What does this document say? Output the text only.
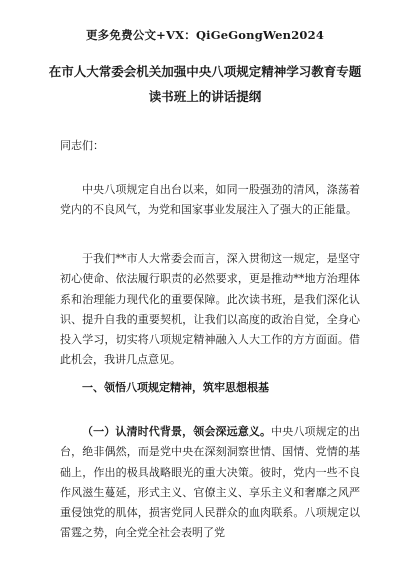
更多免费公文+VX：QiGeGongWen2024
在市人大常委会机关加强中央八项规定精神学习教育专题
读书班上的讲话提纲
同志们：
中央八项规定自出台以来，如同一股强劲的清风，涤荡着党内的不良风气，为党和国家事业发展注入了强大的正能量。
于我们**市人大常委会而言，深入贯彻这一规定，是坚守初心使命、依法履行职责的必然要求，更是推动**地方治理体系和治理能力现代化的重要保障。此次读书班，是我们深化认识、提升自我的重要契机，让我们以高度的政治自觉，全身心投入学习，切实将八项规定精神融入人大工作的方方面面。借此机会，我讲几点意见。
一、领悟八项规定精神，筑牢思想根基
（一）认清时代背景，领会深远意义。中央八项规定的出台，绝非偶然，而是党中央在深刻洞察世情、国情、党情的基础上，作出的极具战略眼光的重大决策。彼时，党内一些不良作风滋生蔓延，形式主义、官僚主义、享乐主义和奢靡之风严重侵蚀党的肌体，损害党同人民群众的血肉联系。八项规定以雷霆之势，向全党全社会表明了党
